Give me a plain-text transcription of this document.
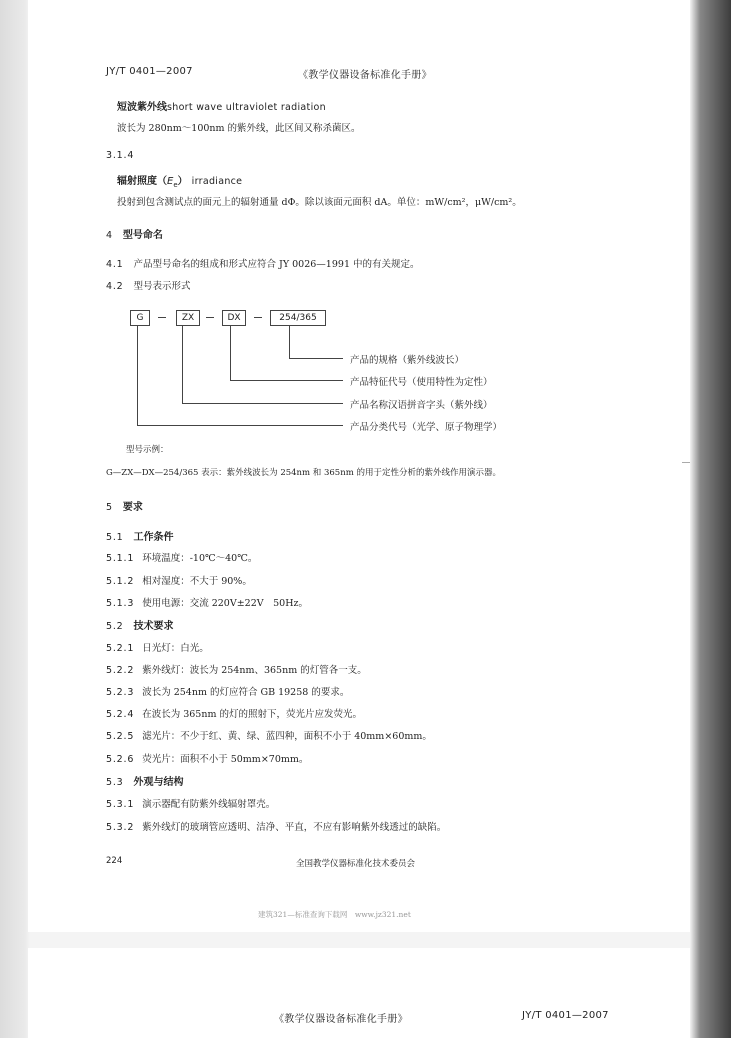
JY/T 0401—2007	《教学仪器设备标准化手册》
短波紫外线short wave ultraviolet radiation
波长为 280nm～100nm 的紫外线，此区间又称杀菌区。
3.1.4
辐射照度$(E_e)$ irradiance
投射到包含测试点的面元上的辐射通量 dΦ。除以该面元面积 dA。单位：mW/cm²，μW/cm²。
4 型号命名
4.1 产品型号命名的组成和形式应符合 JY 0026—1991 中的有关规定。
4.2 型号表示形式
G	ZX	DX	254/365
产品的规格（紫外线波长）
产品特征代号（使用特性为定性）
产品名称汉语拼音字头（紫外线）
产品分类代号（光学、原子物理学）
型号示例：
G—ZX—DX—254/365 表示：紫外线波长为 254nm 和 365nm 的用于定性分析的紫外线作用演示器。
5 要求
5.1 工作条件
5.1.1 环境温度：-10℃～40℃。
5.1.2 相对湿度：不大于 90%。
5.1.3 使用电源：交流 220V±22V　50Hz。
5.2 技术要求
5.2.1 日光灯：白光。
5.2.2 紫外线灯：波长为 254nm、365nm 的灯管各一支。
5.2.3 波长为 254nm 的灯应符合 GB 19258 的要求。
5.2.4 在波长为 365nm 的灯的照射下，荧光片应发荧光。
5.2.5 滤光片：不少于红、黄、绿、蓝四种，面积不小于 40mm×60mm。
5.2.6 荧光片：面积不小于 50mm×70mm。
5.3 外观与结构
5.3.1 演示器配有防紫外线辐射罩壳。
5.3.2 紫外线灯的玻璃管应透明、洁净、平直，不应有影响紫外线透过的缺陷。
224	全国教学仪器标准化技术委员会
建筑321—标准查询下载网　www.jz321.net
《教学仪器设备标准化手册》	JY/T 0401—2007
